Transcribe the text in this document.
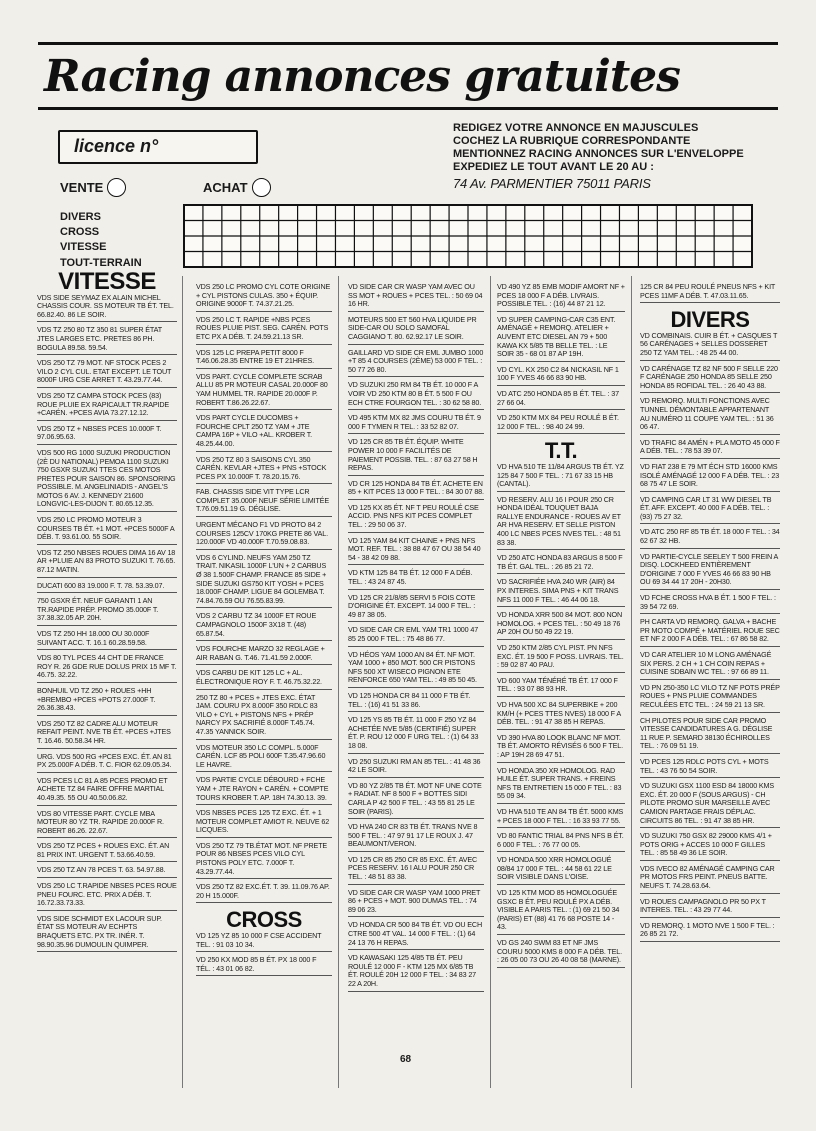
Racing annonces gratuites
licence n°
REDIGEZ VOTRE ANNONCE EN MAJUSCULES
COCHEZ LA RUBRIQUE CORRESPONDANTE
MENTIONNEZ RACING ANNONCES SUR L'ENVELOPPE
EXPEDIEZ LE TOUT AVANT LE 20 AU :
74 Av. PARMENTIER 75011 PARIS
VENTE	ACHAT
DIVERS
CROSS
VITESSE
TOUT-TERRAIN
VITESSE
VDS SIDE SEYMAZ EX ALAIN MICHEL CHASSIS COUR. SS MOTEUR TB ÉT. TEL. 66.82.40. 86 LE SOIR.
VDS TZ 250 80 TZ 350 81 SUPER ÉTAT JTES LARGES ETC. PRETES 86 PH. BOGULA 89.58. 59.54.
VDS 250 TZ 79 MOT. NF STOCK PCES 2 VILO 2 CYL CUL. ETAT EXCEPT. LE TOUT 8000F URG CSE ARRET T. 43.29.77.44.
VDS 250 TZ CAMPA STOCK PCES (83) ROUE PLUIE EX RAPICAULT TR.RAPIDE +CARÉN. +PCES AVIA 73.27.12.12.
VDS 250 TZ + NBSES PCES 10.000F T. 97.06.95.63.
VDS 500 RG 1000 SUZUKI PRODUCTION (2È DU NATIONAL) PEMOA 1100 SUZUKI 750 GSXR SUZUKI TTES CES MOTOS PRETES POUR SAISON 86. SPONSORING POSSIBLE. M. ANGELINIADIS - ANGEL'S MOTOS 6 AV. J. KENNEDY 21600 LONGVIC-LES-DIJON T. 80.65.12.35.
VDS 250 LC PROMO MOTEUR 3 COURSES TB ÉT. +1 MOT. +PCES 5000F A DÉB. T. 93.61.00. 55 SOIR.
VDS TZ 250 NBSES ROUES DIMA 16 AV 18 AR +PLUIE AN 83 PROTO SUZUKI T. 76.65. 87.12 MATIN.
DUCATI 600 83 19.000 F. T. 78. 53.39.07.
750 GSXR ÉT. NEUF GARANTI 1 AN TR.RAPIDE PRÉP. PROMO 35.000F T. 37.38.32.05 AP. 20H.
VDS TZ 250 HH 18.000 OU 30.000F SUIVANT ACC. T. 16.1 60.28.59.58.
VDS 80 TYL PCES 44 CHT DE FRANCE ROY R. 26 GDE RUE DOLUS PRIX 15 MF T. 46.75. 32.22.
BONHUIL VD TZ 250 + ROUES +HH +BREMBO +PCES +POTS 27.000F T. 26.36.38.43.
VDS 250 TZ 82 CADRE ALU MOTEUR REFAIT PEINT. NVE TB ÉT. +PCES +JTES T. 16.46. 50.58.34 HR.
URG. VDS 500 RG +PCES EXC. ÉT. AN 81 PX 25.000F A DÉB. T. C. FIOR 62.09.05.34.
VDS PCES LC 81 A 85 PCES PROMO ET ACHETE TZ 84 FAIRE OFFRE MARTIAL 40.49.35. 55 OU 40.50.06.82.
VDS 80 VITESSE PART. CYCLE MBA MOTEUR 80 YZ TR. RAPIDE 20.000F R. ROBERT 86.26. 22.67.
VDS 250 TZ PCES + ROUES EXC. ÉT. AN 81 PRIX INT. URGENT T. 53.66.40.59.
VDS 250 TZ AN 78 PCES T. 63. 54.97.88.
VDS 250 LC T.RAPIDE NBSES PCES ROUE PNEU FOURC. ETC. PRIX A DÉB. T. 16.72.33.73.33.
VDS SIDE SCHMIDT EX LACOUR SUP. ÉTAT SS MOTEUR AV ECHPTS BRAQUETS ETC. PX TR. INÉR. T. 98.90.35.96 DUMOULIN QUIMPER.
VDS 250 LC PROMO CYL COTE ORIGINE + CYL PISTONS CULAS. 350 + ÉQUIP. ORIGINE 9000F T. 74.37.21.25.
VDS 250 LC T. RAPIDE +NBS PCES ROUES PLUIE PIST. SEG. CARÉN. POTS ETC PX A DÉB. T. 24.59.21.13 SR.
VDS 125 LC PREPA PETIT 8000 F T.46.06.28.35 ENTRE 19 ET 21HRES.
VDS PART. CYCLE COMPLETE SCRAB ALLU 85 PR MOTEUR CASAL 20.000F 80 YAM HUMMEL TR. RAPIDE 20.000F P. ROBERT T.86.26.22.67.
VDS PART CYCLE DUCOMBS + FOURCHE CPLT 250 TZ YAM + JTE CAMPA 16P + VILO +AL. KROBER T. 48.25.44.00.
VDS 250 TZ 80 3 SAISONS CYL 350 CARÉN. KEVLAR +JTES + PNS +STOCK PCES PX 10.000F T. 78.20.15.76.
FAB. CHASSIS SIDE VIT TYPE LCR COMPLET 35.000F NEUF SÉRIE LIMITÉE T.76.09.51.19 G. DÉGLISE.
URGENT MÉCANO F1 VD PROTO 84 2 COURSES 125CV 170KG PRETE 86 VAL. 120.000F VD 40.000F T.70.59.08.83.
VDS 6 CYLIND. NEUFS YAM 250 TZ TRAIT. NIKASIL 1000F L'UN + 2 CARBUS Ø 38 1.500F CHAMP. FRANCE 85 SIDE + SIDE SUZUKI GS750 KIT YOSH + PCES 18.000F CHAMP. LIGUE 84 GOLEMBA T. 74.84.76.59 OU 76.55.83.99.
VDS 2 CARBU TZ 34 1000F ET ROUE CAMPAGNOLO 1500F 3X18 T. (48) 65.87.54.
VDS FOURCHE MARZO 32 REGLAGE + AIR RABAN G. T.46. 71.41.59 2.000F.
VDS CARBU DE KIT 125 LC + AL. ÉLECTRONIQUE ROY F. T. 46.75.32.22.
250 TZ 80 + PCES + JTES EXC. ÉTAT JAM. COURU PX 8.000F 350 RDLC 83 VILO + CYL + PISTONS NFS + PRÉP NARCY PX SACRIFIÉ 8.000F T.45.74. 47.35 YANNICK SOIR.
VDS MOTEUR 350 LC COMPL. 5.000F CARÉN. LCF 85 POLI 600F T.35.47.96.60 LE HAVRE.
VDS PARTIE CYCLE DÉBOURD + FCHE YAM + JTE RAYON + CARÉN. + COMPTE TOURS KROBER T. AP. 18H 74.30.13. 39.
VDS NBSES PCES 125 TZ EXC. ÉT. + 1 MOTEUR COMPLET AMIOT R. NEUVE 62 LICQUES.
VDS 250 TZ 79 TB.ÉTAT MOT. NF PRETE POUR 86 NBSES PCES VILO CYL PISTONS POLY ETC. 7.000F T. 43.29.77.44.
VDS 250 TZ 82 EXC.ÉT. T. 39. 11.09.76 AP. 20 H 15.000F.
CROSS
VD 125 YZ 85 10 000 F CSE ACCIDENT TEL. : 91 03 10 34.
VD 250 KX MOD 85 B ÉT. PX 18 000 F TÉL. : 43 01 06 82.
VD SIDE CAR CR WASP YAM AVEC OU SS MOT + ROUES + PCES TEL. : 50 69 04 16 HR.
MOTEURS 500 ET 560 HVA LIQUIDE PR SIDE-CAR OU SOLO SAMOFAL CAGGIANO T. 80. 62.92.17 LE SOIR.
GAILLARD VD SIDE CR EML JUMBO 1000 +T 85 4 COURSES (2ÈME) 53 000 F TEL. : 50 77 26 80.
VD SUZUKI 250 RM 84 TB ÉT. 10 000 F A VOIR VD 250 KTM 80 B ÉT. 5 500 F OU ECH CTRE FOURGON TEL. : 30 62 58 80.
VD 495 KTM MX 82 JMS COURU TB ÉT. 9 000 F TYMEN R TEL. : 33 52 82 07.
VD 125 CR 85 TB ÉT. ÉQUIP. WHITE POWER 10 000 F FACILITÉS DE PAIEMENT POSSIB. TEL. : 87 63 27 58 H REPAS.
VD CR 125 HONDA 84 TB ÉT. ACHETE EN 85 + KIT PCES 13 000 F TEL. : 84 30 07 88.
VD 125 KX 85 ÉT. NF T PEU ROULÉ CSE ACCID. PNS NFS KIT PCES COMPLET TEL. : 29 50 06 37.
VD 125 YAM 84 KIT CHAINE + PNS NFS MOT. REF. TEL. : 38 88 47 67 OU 38 54 40 54 - 38 42 09 88.
VD KTM 125 84 TB ÉT. 12 000 F A DÉB. TEL. : 43 24 87 45.
VD 125 CR 21/8/85 SERVI 5 FOIS COTE D'ORIGINE ÉT. EXCEPT. 14 000 F TEL. : 49 87 38 05.
VD SIDE CAR CR EML YAM TR1 1000 47 85 25 000 F TEL. : 75 48 86 77.
VD HÉOS YAM 1000 AN 84 ÉT. NF MOT. YAM 1000 + 850 MOT. 500 CR PISTONS NFS 500 XT WISECO PIGNON ETE RENFORCE 650 YAM TEL. : 49 85 50 45.
VD 125 HONDA CR 84 11 000 F TB ÉT. TEL. : (16) 41 51 33 86.
VD 125 YS 85 TB ÉT. 11 000 F 250 YZ 84 ACHETÉE NVE 5/85 (CERTIFIÉ) SUPER ÉT. P. ROU 12 000 F URG TEL. : (1) 64 33 18 08.
VD 250 SUZUKI RM AN 85 TEL. : 41 48 36 42 LE SOIR.
VD 80 YZ 2/85 TB ÉT. MOT NF UNE COTE + RADIAT. NF 8 500 F + BOTTES SIDI CARLA P 42 500 F TEL. : 43 55 81 25 LE SOIR (PARIS).
VD HVA 240 CR 83 TB ÉT. TRANS NVE 8 500 F TEL. : 47 97 91 17 LE ROUX J. 47 BEAUMONT/VERON.
VD 125 CR 85 250 CR 85 EXC. ÉT. AVEC PCES RESERV. 16 I ALU POUR 250 CR TEL. : 48 51 83 38.
VD SIDE CAR CR WASP YAM 1000 PRET 86 + PCES + MOT. 900 DUMAS TEL. : 74 89 06 23.
VD HONDA CR 500 84 TB ÉT. VD OU ECH CTRE 500 4T VAL. 14 000 F TEL. : (1) 64 24 13 76 H REPAS.
VD KAWASAKI 125 4/85 TB ÉT. PEU ROULÉ 12 000 F - KTM 125 MX 6/85 TB ÉT. ROULÉ 20H 12 000 F TEL. : 34 83 27 22 A 20H.
VD 490 YZ 85 EMB MODIF AMORT NF + PCES 18 000 F A DÉB. LIVRAIS. POSSIBLE TEL. : (16) 44 87 21 12.
VD SUPER CAMPING-CAR C35 ENT. AMÉNAGÉ + REMORQ. ATELIER + AUVENT ETC DIESEL AN 79 + 500 KAWA KX 5/85 TB BELLE TEL. : LE SOIR 35 - 68 01 87 AP 19H.
VD CYL. KX 250 C2 84 NICKASIL NF 1 100 F YVES 46 66 83 90 HB.
VD ATC 250 HONDA 85 B ÉT. TEL. : 37 27 66 04.
VD 250 KTM MX 84 PEU ROULÉ B ÉT. 12 000 F TEL. : 98 40 24 99.
T.T.
VD HVA 510 TE 11/84 ARGUS TB ÉT. YZ 125 84 7 500 F TEL. : 71 67 33 15 HB (CANTAL).
VD RESERV. ALU 16 I POUR 250 CR HONDA IDÉAL TOUQUET BAJA RALLYE ENDURANCE - ROUES AV ET AR HVA RESERV. ET SELLE PISTON 400 LC NBES PCES NVES TEL. : 48 51 83 38.
VD 250 ATC HONDA 83 ARGUS 8 500 F TB ÉT. GAL TEL. : 26 85 21 72.
VD SACRIFIÉE HVA 240 WR (AIR) 84 PX INTERES. SIMA PNS + KIT TRANS NFS 11 000 F TEL. : 46 44 06 18.
VD HONDA XRR 500 84 MOT. 800 NON HOMOLOG. + PCES TEL. : 50 49 18 76 AP 20H OU 50 49 22 19.
VD 250 KTM 2/85 CYL PIST. PN NFS EXC. ÉT. 19 500 F POSS. LIVRAIS. TEL. : 59 02 87 40 PAU.
VD 600 YAM TÉNÉRÉ TB ÉT. 17 000 F TEL. : 93 07 88 93 HR.
VD HVA 500 XC 84 SUPERBIKE + 200 KM/H (+ PCES TTES NVES) 18 000 F A DÉB. TEL. : 91 47 38 85 H REPAS.
VD 390 HVA 80 LOOK BLANC NF MOT. TB ÉT. AMORTO RÉVISÉS 6 500 F TEL. : AP 19H 28 69 47 51.
VD HONDA 350 XR HOMOLOG. RAD HUILE ÉT. SUPER TRANS. + FREINS NFS TB ENTRETIEN 15 000 F TEL. : 83 55 09 34.
VD HVA 510 TE AN 84 TB ÉT. 5000 KMS + PCES 18 000 F TEL. : 16 33 93 77 55.
VD 80 FANTIC TRIAL 84 PNS NFS B ÉT. 6 000 F TEL. : 76 77 00 05.
VD HONDA 500 XRR HOMOLOGUÉ 08/84 17 000 F TEL. : 44 58 61 22 LE SOIR VISIBLE DANS L'OISE.
VD 125 KTM MOD 85 HOMOLOGUÉE GSXC B ÉT. PEU ROULÉ PX A DÉB. VISIBLE A PARIS TEL. : (1) 69 21 50 34 (PARIS) ET (88) 41 76 68 POSTE 14 - 43.
VD GS 240 SWM 83 ET NF JMS COURU 5000 KMS 8 000 F A DÉB. TEL. : 26 05 00 73 OU 26 40 08 58 (MARNE).
125 CR 84 PEU ROULÉ PNEUS NFS + KIT PCES 11MF A DÉB. T. 47.03.11.65.
DIVERS
VD COMBINAIS. CUIR B ÉT. + CASQUES T 56 CARÉNAGES + SELLES DOSSERET 250 TZ YAM TEL. : 48 25 44 00.
VD CARÉNAGE TZ 82 NF 500 F SELLE 220 F CARÉNAGE 250 HONDA 85 SELLE 250 HONDA 85 ROFIDAL TEL. : 26 40 43 88.
VD REMORQ. MULTI FONCTIONS AVEC TUNNEL DÉMONTABLE APPARTENANT AU NUMÉRO 11 COUPE YAM TEL. : 51 36 06 47.
VD TRAFIC 84 AMÉN + PLA MOTO 45 000 F A DÉB. TEL. : 78 53 39 07.
VD FIAT 238 E 79 MT ÉCH STD 16000 KMS ISOLÉ AMÉNAGÉ 12 000 F A DÉB. TEL. : 23 68 75 47 LE SOIR.
VD CAMPING CAR LT 31 WW DIESEL TB ÉT. AFF. EXCEPT. 40 000 F A DÉB. TEL. : (93) 75 27 32.
VD ATC 250 RF 85 TB ÉT. 18 000 F TEL. : 34 62 67 32 HB.
VD PARTIE-CYCLE SEELEY T 500 FREIN A DISQ. LOCKHEED ENTIÈREMENT D'ORIGINE 7 000 F YVES 46 66 83 90 HB OU 69 34 44 17 20H - 20H30.
VD FCHE CROSS HVA B ÉT. 1 500 F TEL. : 39 54 72 69.
PH CARTA VD REMORQ. GALVA + BACHE PR MOTO COMPÉ + MATÉRIEL ROUE SEC ET NF 2 000 F A DÉB. TEL. : 67 86 58 82.
VD CAR ATELIER 10 M LONG AMÉNAGÉ SIX PERS. 2 CH + 1 CH COIN REPAS + CUISINE SDBAIN WC TEL. : 97 66 89 11.
VD PN 250-350 LC VILO TZ NF POTS PRÉP ROUES + PNS PLUIE COMMANDES RECULÉES ETC TEL. : 24 59 21 13 SR.
CH PILOTES POUR SIDE CAR PROMO VITESSE CANDIDATURES A G. DÉGLISE 11 RUE P. SEMARD 38130 ÉCHIROLLES TEL. : 76 09 51 19.
VD PCES 125 RDLC POTS CYL + MOTS TEL. : 43 76 50 54 SOIR.
VD SUZUKI GSX 1100 ESD 84 18000 KMS EXC. ÉT. 20 000 F (SOUS ARGUS) - CH PILOTE PROMO SUR MARSEILLE AVEC CAMION PARTAGE FRAIS DÉPLAC. CIRCUITS 86 TEL. : 91 47 38 85 HR.
VD SUZUKI 750 GSX 82 29000 KMS 4/1 + POTS ORIG + ACCES 10 000 F GILLES TEL. : 85 58 49 36 LE SOIR.
VDS IVECO 82 AMÉNAGÉ CAMPING CAR PR MOTOS FRS PEINT. PNEUS BATTE. NEUFS T. 74.28.63.64.
VD ROUES CAMPAGNOLO PR 50 PX T INTERES. TEL. : 43 29 77 44.
VD REMORQ. 1 MOTO NVE 1 500 F TEL. : 26 85 21 72.
68
